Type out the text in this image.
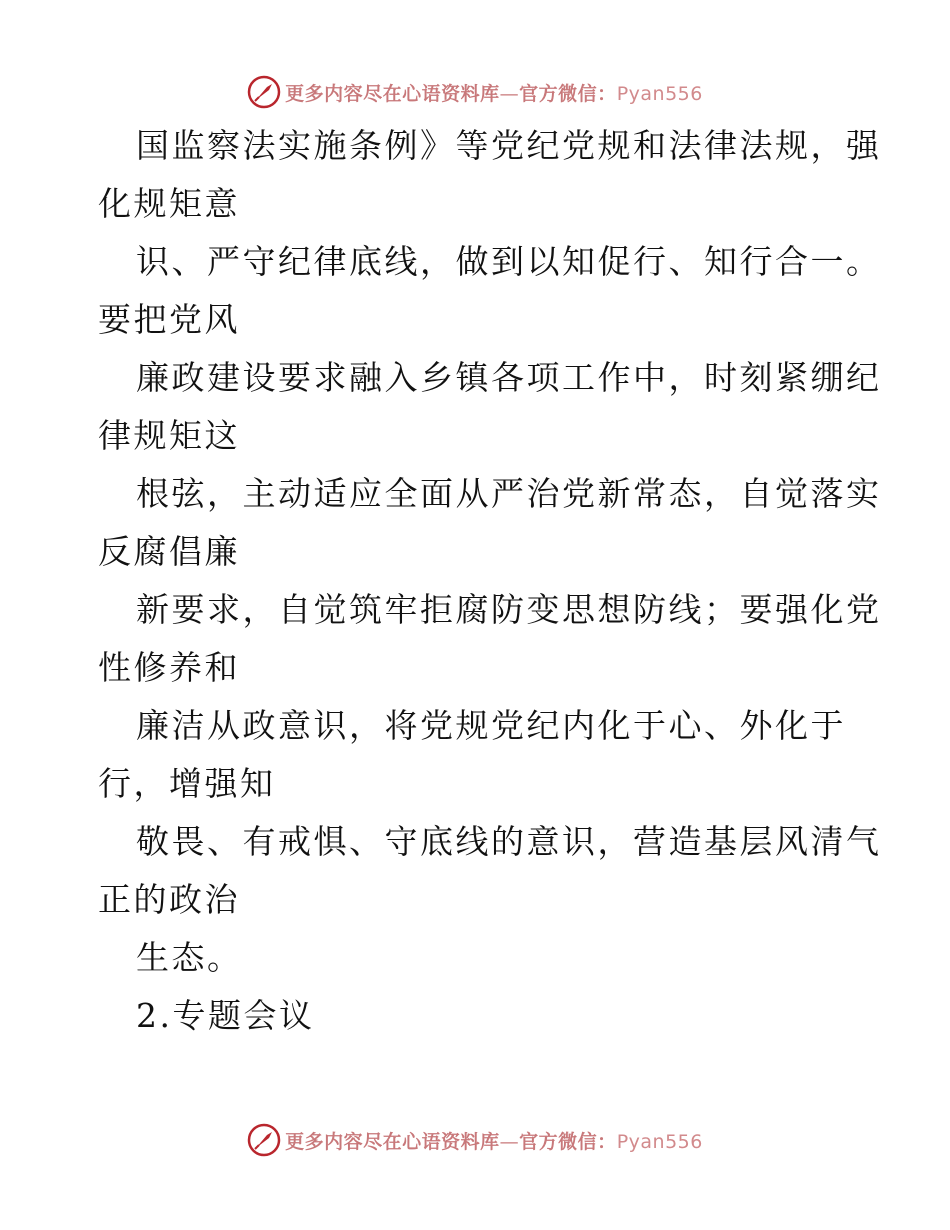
更多内容尽在心语资料库—官方微信：Pyan556
国监察法实施条例》等党纪党规和法律法规，强
化规矩意
识、严守纪律底线，做到以知促行、知行合一。
要把党风
廉政建设要求融入乡镇各项工作中，时刻紧绷纪
律规矩这
根弦，主动适应全面从严治党新常态，自觉落实
反腐倡廉
新要求，自觉筑牢拒腐防变思想防线；要强化党
性修养和
廉洁从政意识，将党规党纪内化于心、外化于
行，增强知
敬畏、有戒惧、守底线的意识，营造基层风清气
正的政治
生态。
2.专题会议
更多内容尽在心语资料库—官方微信：Pyan556
